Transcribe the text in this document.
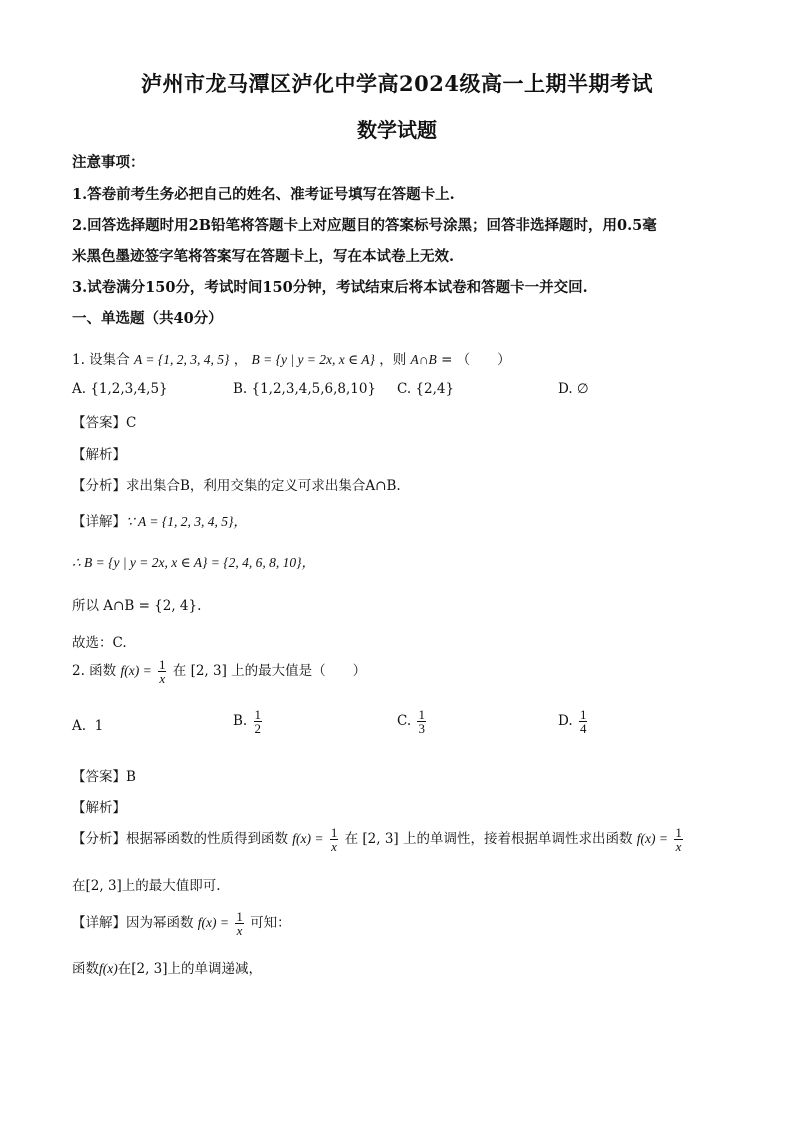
泸州市龙马潭区泸化中学高2024级高一上期半期考试
数学试题
注意事项：
1.答卷前考生务必把自己的姓名、准考证号填写在答题卡上.
2.回答选择题时用2B铅笔将答题卡上对应题目的答案标号涂黑；回答非选择题时，用0.5毫
米黑色墨迹签字笔将答案写在答题卡上，写在本试卷上无效.
3.试卷满分150分，考试时间150分钟，考试结束后将本试卷和答题卡一并交回.
一、单选题（共40分）
1. 设集合 A = {1, 2, 3, 4, 5} ， B = {y | y = 2x, x ∈ A} ，则 A∩B = （　　）
A. {1,2,3,4,5}	B. {1,2,3,4,5,6,8,10} C. {2,4}	D. ∅
【答案】C
【解析】
【分析】求出集合B，利用交集的定义可求出集合A∩B.
【详解】∵ A = {1, 2, 3, 4, 5}，
∴ B = {y | y = 2x, x ∈ A} = {2, 4, 6, 8, 10}，
所以 A∩B = {2, 4}.
故选：C.
2. 函数 $f(x) = \frac{1}{x}$ 在 [2, 3] 上的最大值是（　　）
A. 1	B. $\frac{1}{2}$	C. $\frac{1}{3}$	D. $\frac{1}{4}$
【答案】B
【解析】
【分析】根据幂函数的性质得到函数 $f(x) = \frac{1}{x}$ 在 [2, 3] 上的单调性，接着根据单调性求出函数 $f(x) = \frac{1}{x}$
在[2, 3]上的最大值即可.
【详解】因为幂函数 $f(x) = \frac{1}{x}$ 可知：
函数f(x)在[2, 3]上的单调递减，
